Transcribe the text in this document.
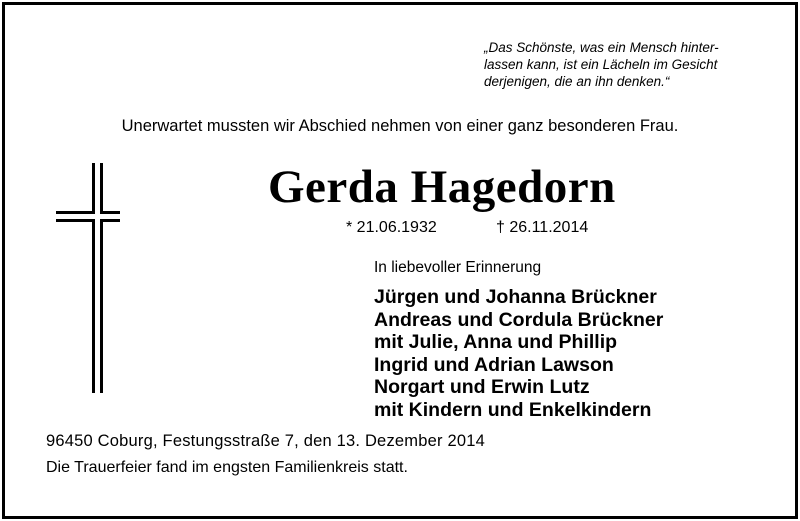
„Das Schönste, was ein Mensch hinter-
lassen kann, ist ein Lächeln im Gesicht
derjenigen, die an ihn denken.“
Unerwartet mussten wir Abschied nehmen von einer ganz besonderen Frau.
Gerda Hagedorn
* 21.06.1932	† 26.11.2014
In liebevoller Erinnerung
Jürgen und Johanna Brückner
Andreas und Cordula Brückner
mit Julie, Anna und Phillip
Ingrid und Adrian Lawson
Norgart und Erwin Lutz
mit Kindern und Enkelkindern
96450 Coburg, Festungsstraße 7, den 13. Dezember 2014
Die Trauerfeier fand im engsten Familienkreis statt.
